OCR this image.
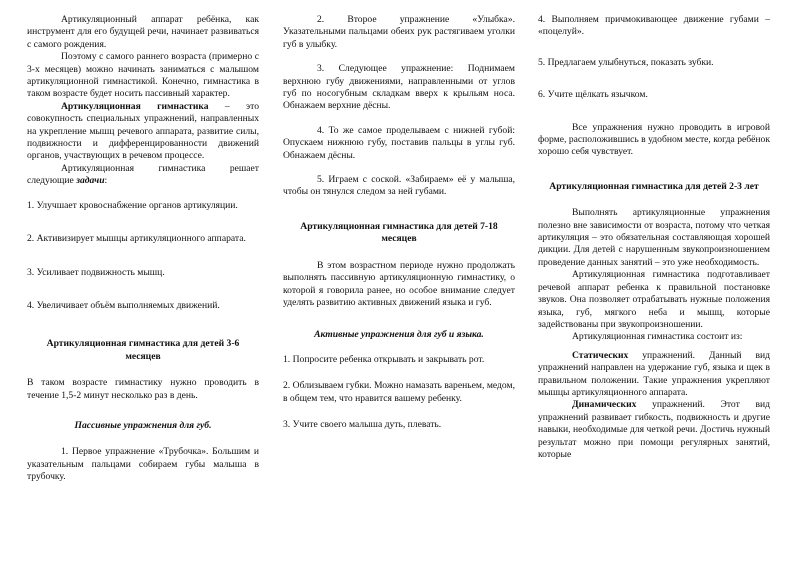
Артикуляционный аппарат ребёнка, как инструмент для его будущей речи, начинает развиваться с самого рождения.

Поэтому с самого раннего возраста (примерно с 3-х месяцев) можно начинать заниматься с малышом артикуляционной гимнастикой. Конечно, гимнастика в таком возрасте будет носить пассивный характер.

Артикуляционная гимнастика – это совокупность специальных упражнений, направленных на укрепление мышц речевого аппарата, развитие силы, подвижности и дифференцированности движений органов, участвующих в речевом процессе.

Артикуляционная гимнастика решает следующие задачи:

1. Улучшает кровоснабжение органов артикуляции.

2. Активизирует мышцы артикуляционного аппарата.

3. Усиливает подвижность мышц.

4. Увеличивает объём выполняемых движений.

Артикуляционная гимнастика для детей 3-6 месяцев

В таком возрасте гимнастику нужно проводить в течение 1,5-2 минут несколько раз в день.

Пассивные упражнения для губ.

1. Первое упражнение «Трубочка». Большим и указательным пальцами собираем губы малыша в трубочку.

2. Второе упражнение «Улыбка». Указательными пальцами обеих рук растягиваем уголки губ в улыбку.

3. Следующее упражнение: Поднимаем верхнюю губу движениями, направленными от углов губ по носогубным складкам вверх к крыльям носа. Обнажаем верхние дёсны.

4. То же самое проделываем с нижней губой: Опускаем нижнюю губу, поставив пальцы в углы губ. Обнажаем дёсны.

5. Играем с соской. «Забираем» её у малыша, чтобы он тянулся следом за ней губами.

Артикуляционная гимнастика для детей 7-18 месяцев

В этом возрастном периоде нужно продолжать выполнять пассивную артикуляционную гимнастику, о которой я говорила ранее, но особое внимание следует уделять развитию активных движений языка и губ.

Активные упражнения для губ и языка.

1. Попросите ребенка открывать и закрывать рот.

2. Облизываем губки. Можно намазать вареньем, медом, в общем тем, что нравится вашему ребенку.

3. Учите своего малыша дуть, плевать.

4. Выполняем причмокивающее движение губами – «поцелуй».

5. Предлагаем улыбнуться, показать зубки.

6. Учите щёлкать язычком.

Все упражнения нужно проводить в игровой форме, расположившись в удобном месте, когда ребёнок хорошо себя чувствует.

Артикуляционная гимнастика для детей 2-3 лет

Выполнять артикуляционные упражнения полезно вне зависимости от возраста, потому что четкая артикуляция – это обязательная составляющая хорошей дикции. Для детей с нарушенным звукопроизношением проведение данных занятий – это уже необходимость.

Артикуляционная гимнастика подготавливает речевой аппарат ребенка к правильной постановке звуков. Она позволяет отрабатывать нужные положения языка, губ, мягкого неба и мышц, которые задействованы при звукопроизношении.

Артикуляционная гимнастика состоит из:

Статических упражнений. Данный вид упражнений направлен на удержание губ, языка и щек в правильном положении. Такие упражнения укрепляют мышцы артикуляционного аппарата.

Динамических упражнений. Этот вид упражнений развивает гибкость, подвижность и другие навыки, необходимые для четкой речи. Достичь нужный результат можно при помощи регулярных занятий, которые
